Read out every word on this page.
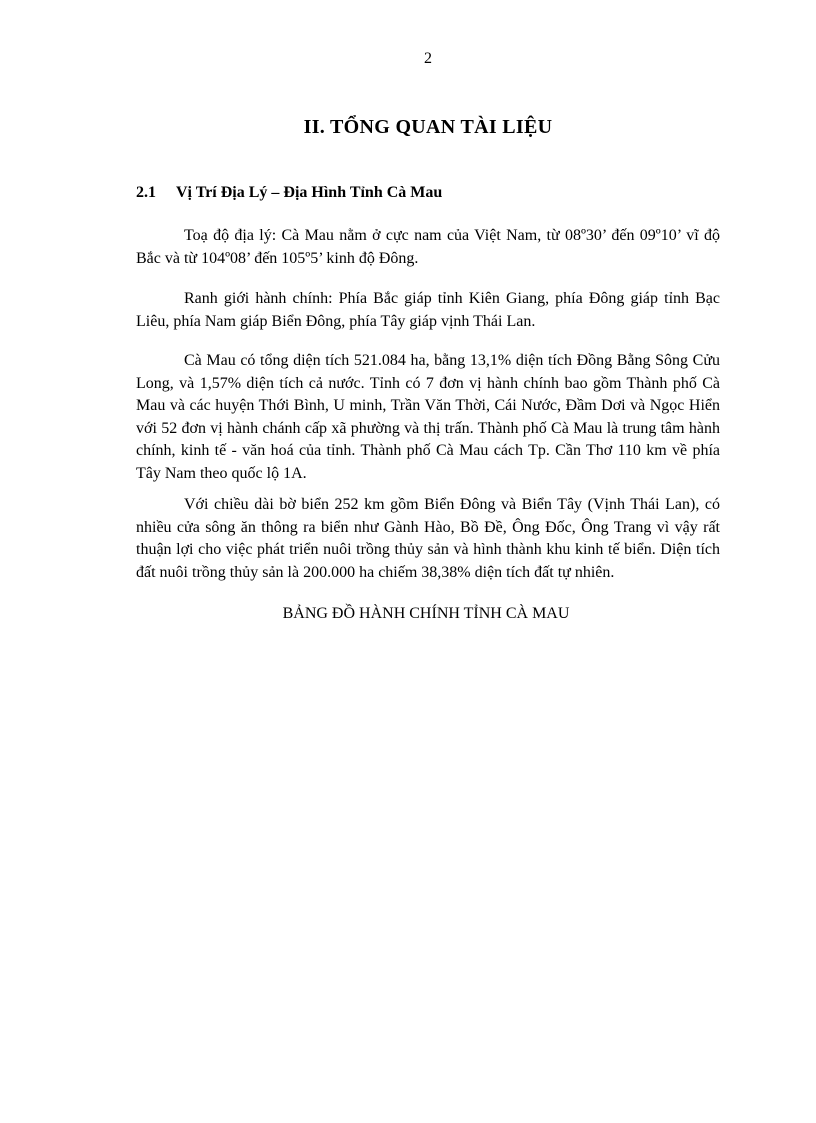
2
II. TỔNG QUAN TÀI LIỆU
2.1 Vị Trí Địa Lý – Địa Hình Tỉnh Cà Mau

Toạ độ địa lý: Cà Mau nằm ở cực nam của Việt Nam, từ 08º30’ đến 09º10’ vĩ độ Bắc và từ 104º08’ đến 105º5’ kinh độ Đông.

Ranh giới hành chính: Phía Bắc giáp tỉnh Kiên Giang, phía Đông giáp tỉnh Bạc Liêu, phía Nam giáp Biển Đông, phía Tây giáp vịnh Thái Lan.

Cà Mau có tổng diện tích 521.084 ha, bằng 13,1% diện tích Đồng Bằng Sông Cửu Long, và 1,57% diện tích cả nước. Tỉnh có 7 đơn vị hành chính bao gồm Thành phố Cà Mau và các huyện Thới Bình, U minh, Trần Văn Thời, Cái Nước, Đầm Dơi và Ngọc Hiển với 52 đơn vị hành chánh cấp xã phường và thị trấn. Thành phố Cà Mau là trung tâm hành chính, kinh tế - văn hoá của tỉnh. Thành phố Cà Mau cách Tp. Cần Thơ 110 km về phía Tây Nam theo quốc lộ 1A.

Với chiều dài bờ biển 252 km gồm Biển Đông và Biển Tây (Vịnh Thái Lan), có nhiều cửa sông ăn thông ra biển như Gành Hào, Bồ Đề, Ông Đốc, Ông Trang vì vậy rất thuận lợi cho việc phát triển nuôi trồng thủy sản và hình thành khu kinh tế biển. Diện tích đất nuôi trồng thủy sản là 200.000 ha chiếm 38,38% diện tích đất tự nhiên.

BẢNG ĐỒ HÀNH CHÍNH TỈNH CÀ MAU
